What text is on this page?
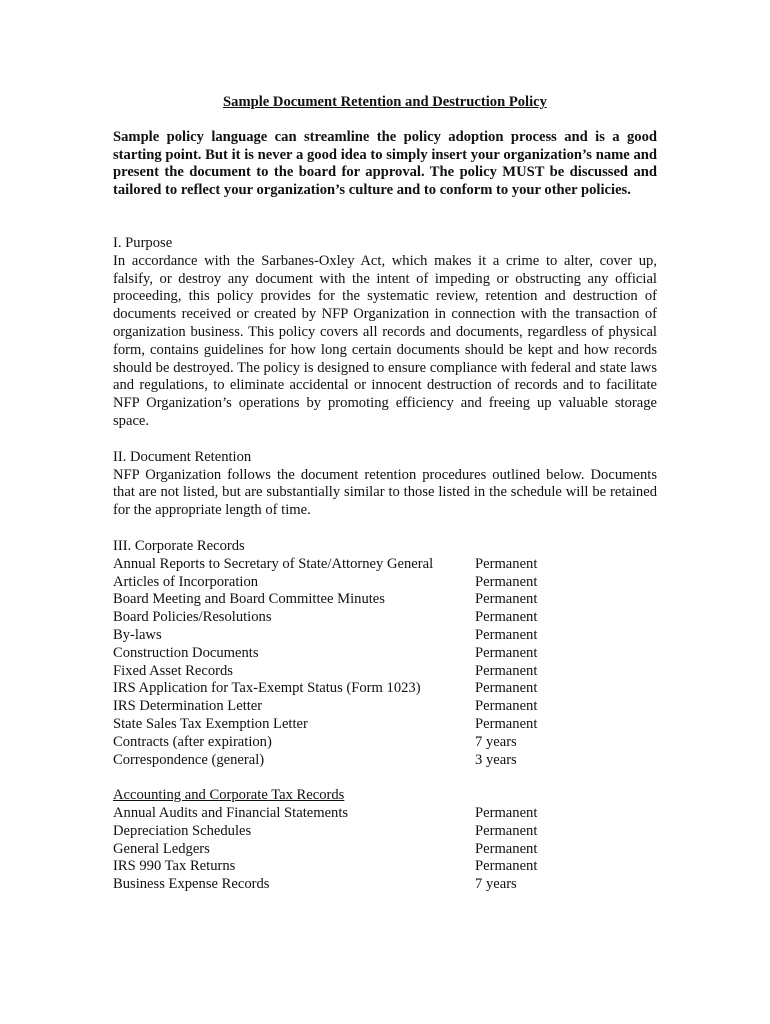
Sample Document Retention and Destruction Policy

Sample policy language can streamline the policy adoption process and is a good starting point. But it is never a good idea to simply insert your organization’s name and present the document to the board for approval. The policy MUST be discussed and tailored to reflect your organization’s culture and to conform to your other policies.

I. Purpose

In accordance with the Sarbanes-Oxley Act, which makes it a crime to alter, cover up, falsify, or destroy any document with the intent of impeding or obstructing any official proceeding, this policy provides for the systematic review, retention and destruction of documents received or created by NFP Organization in connection with the transaction of organization business. This policy covers all records and documents, regardless of physical form, contains guidelines for how long certain documents should be kept and how records should be destroyed. The policy is designed to ensure compliance with federal and state laws and regulations, to eliminate accidental or innocent destruction of records and to facilitate NFP Organization’s operations by promoting efficiency and freeing up valuable storage space.

II. Document Retention

NFP Organization follows the document retention procedures outlined below. Documents that are not listed, but are substantially similar to those listed in the schedule will be retained for the appropriate length of time.

III. Corporate Records

Annual Reports to Secretary of State/Attorney General	Permanent
Articles of Incorporation	Permanent
Board Meeting and Board Committee Minutes	Permanent
Board Policies/Resolutions	Permanent
By-laws	Permanent
Construction Documents	Permanent
Fixed Asset Records	Permanent
IRS Application for Tax-Exempt Status (Form 1023)	Permanent
IRS Determination Letter	Permanent
State Sales Tax Exemption Letter	Permanent
Contracts (after expiration)	7 years
Correspondence (general)	3 years

Accounting and Corporate Tax Records

Annual Audits and Financial Statements	Permanent
Depreciation Schedules	Permanent
General Ledgers	Permanent
IRS 990 Tax Returns	Permanent
Business Expense Records	7 years
